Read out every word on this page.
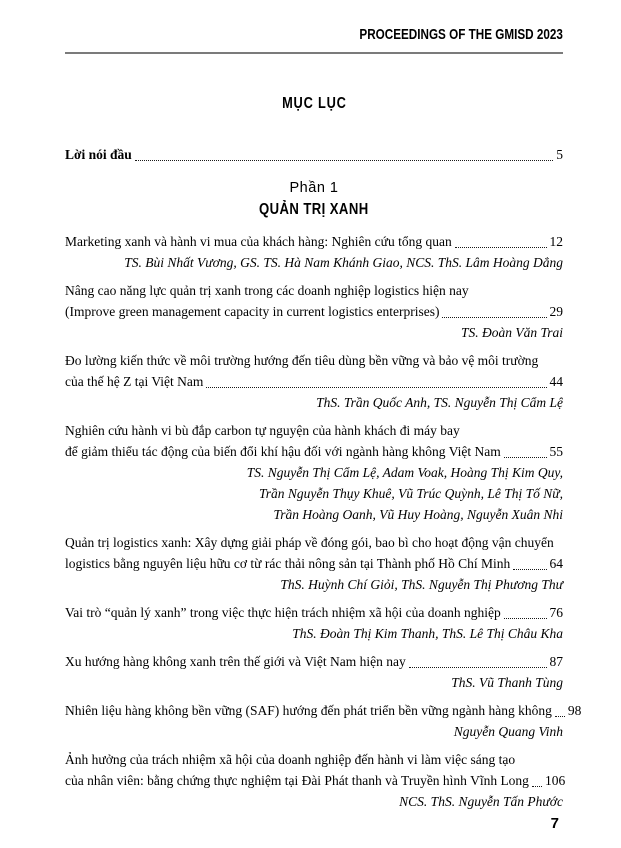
PROCEEDINGS OF THE GMISD 2023
MỤC LỤC
Lời nói đầu	5
Phần 1
QUẢN TRỊ XANH
Marketing xanh và hành vi mua của khách hàng: Nghiên cứu tổng quan	12
TS. Bùi Nhất Vương, GS. TS. Hà Nam Khánh Giao, NCS. ThS. Lâm Hoàng Dẳng
Nâng cao năng lực quản trị xanh trong các doanh nghiệp logistics hiện nay
(Improve green management capacity in current logistics enterprises)	29
TS. Đoàn Văn Trai
Đo lường kiến thức về môi trường hướng đến tiêu dùng bền vững và bảo vệ môi trường
của thế hệ Z tại Việt Nam	44
ThS. Trần Quốc Anh, TS. Nguyễn Thị Cẩm Lệ
Nghiên cứu hành vi bù đắp carbon tự nguyện của hành khách đi máy bay
để giảm thiểu tác động của biến đổi khí hậu đối với ngành hàng không Việt Nam	55
TS. Nguyễn Thị Cẩm Lệ, Adam Voak, Hoàng Thị Kim Quy,
Trần Nguyễn Thụy Khuê, Vũ Trúc Quỳnh, Lê Thị Tố Nữ,
Trần Hoàng Oanh, Vũ Huy Hoàng, Nguyễn Xuân Nhi
Quản trị logistics xanh: Xây dựng giải pháp về đóng gói, bao bì cho hoạt động vận chuyển
logistics bằng nguyên liệu hữu cơ từ rác thải nông sản tại Thành phố Hồ Chí Minh	64
ThS. Huỳnh Chí Giỏi, ThS. Nguyễn Thị Phương Thư
Vai trò “quản lý xanh” trong việc thực hiện trách nhiệm xã hội của doanh nghiệp	76
ThS. Đoàn Thị Kim Thanh, ThS. Lê Thị Châu Kha
Xu hướng hàng không xanh trên thế giới và Việt Nam hiện nay	87
ThS. Vũ Thanh Tùng
Nhiên liệu hàng không bền vững (SAF) hướng đến phát triển bền vững ngành hàng không 98
Nguyễn Quang Vinh
Ảnh hưởng của trách nhiệm xã hội của doanh nghiệp đến hành vi làm việc sáng tạo
của nhân viên: bằng chứng thực nghiệm tại Đài Phát thanh và Truyền hình Vĩnh Long 106
NCS. ThS. Nguyễn Tấn Phước
7
